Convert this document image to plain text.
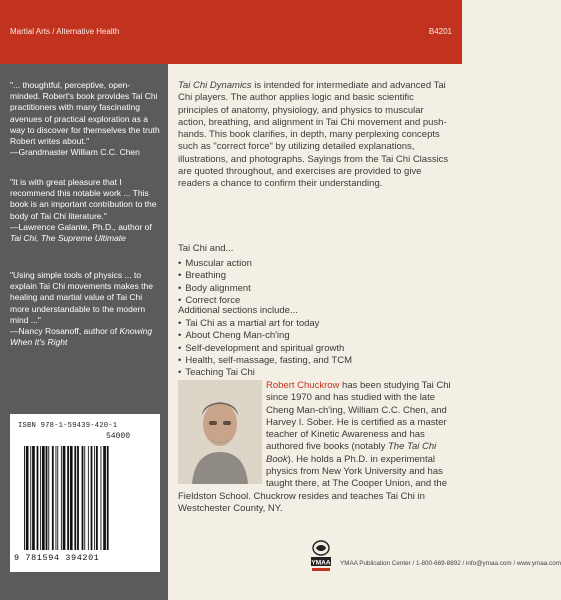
Martial Arts / Alternative Health	B4201
"... thoughtful, perceptive, open-minded. Robert's book provides Tai Chi practitioners with many fascinating avenues of practical exploration as a way to discover for themselves the truth Robert writes about."
—Grandmaster William C.C. Chen
"It is with great pleasure that I recommend this notable work ... This book is an important contribution to the body of Tai Chi literature."
—Lawrence Galante, Ph.D., author of Tai Chi, The Supreme Ultimate
"Using simple tools of physics ... to explain Tai Chi movements makes the healing and martial value of Tai Chi more understandable to the modern mind ..."
—Nancy Rosanoff, author of Knowing When It's Right
ISBN 978-1-59439-420-1
54000
9 781594 394201
Tai Chi Dynamics is intended for intermediate and advanced Tai Chi players. The author applies logic and basic scientific principles of anatomy, physiology, and physics to muscular action, breathing, and alignment in Tai Chi movement and push-hands. This book clarifies, in depth, many perplexing concepts such as "correct force" by utilizing detailed explanations, illustrations, and photographs. Sayings from the Tai Chi Classics are quoted throughout, and exercises are provided to give readers a chance to confirm their understanding.
Tai Chi and...
• Muscular action
• Breathing
• Body alignment
• Correct force
Additional sections include...
• Tai Chi as a martial art for today
• About Cheng Man-ch'ing
• Self-development and spiritual growth
• Health, self-massage, fasting, and TCM
• Teaching Tai Chi
Robert Chuckrow has been studying Tai Chi since 1970 and has studied with the late Cheng Man-ch'ing, William C.C. Chen, and Harvey I. Sober. He is certified as a master teacher of Kinetic Awareness and has authored five books (notably The Tai Chi Book). He holds a Ph.D. in experimental physics from New York University and has taught there, at The Cooper Union, and the Fieldston School. Chuckrow resides and teaches Tai Chi in Westchester County, NY.
YMAA YMAA Publication Center / 1-800-669-8892 / info@ymaa.com / www.ymaa.com
